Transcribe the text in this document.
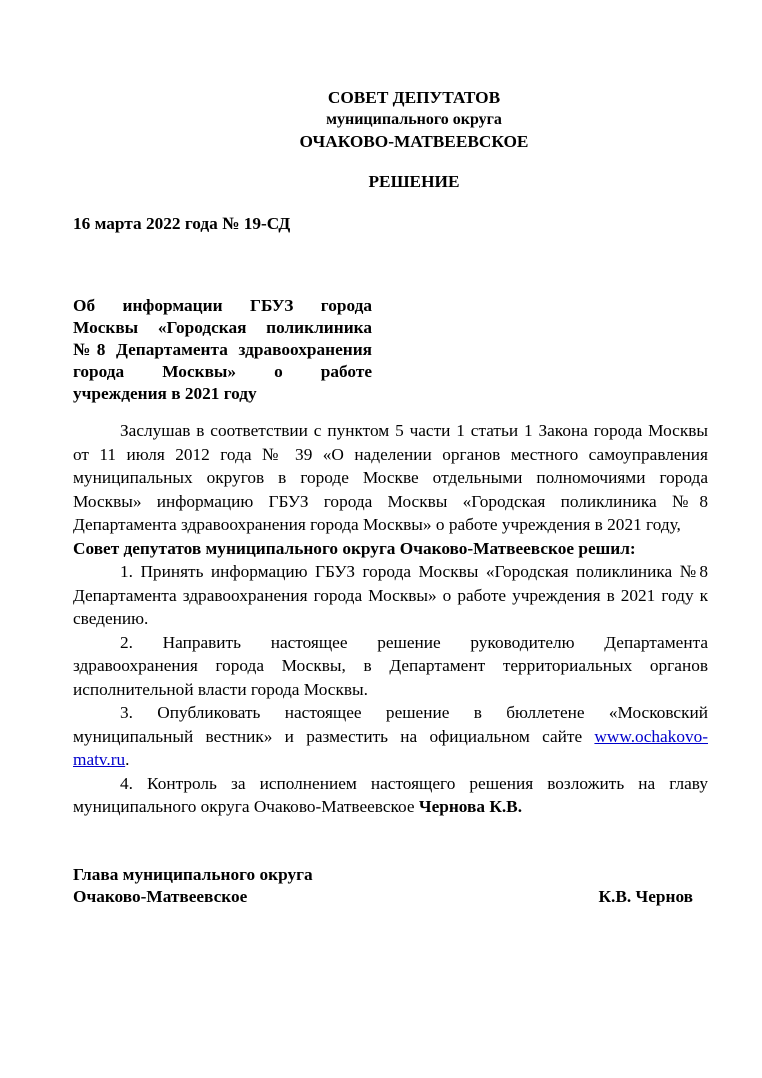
СОВЕТ ДЕПУТАТОВ
муниципального округа
ОЧАКОВО-МАТВЕЕВСКОЕ
РЕШЕНИЕ
16 марта 2022 года № 19-СД
Об информации ГБУЗ города
Москвы «Городская поликлиника
№8 Департамента здравоохранения
города Москвы» о работе
учреждения в 2021 году

Заслушав в соответствии с пунктом 5 части 1 статьи 1 Закона города Москвы от 11 июля 2012 года № 39 «О наделении органов местного самоуправления муниципальных округов в городе Москве отдельными полномочиями города Москвы» информацию ГБУЗ города Москвы «Городская поликлиника №8 Департамента здравоохранения города Москвы» о работе учреждения в 2021 году,

Совет депутатов муниципального округа Очаково-Матвеевское решил:

1. Принять информацию ГБУЗ города Москвы «Городская поликлиника №8 Департамента здравоохранения города Москвы» о работе учреждения в 2021 году к сведению.

2. Направить настоящее решение руководителю Департамента здравоохранения города Москвы, в Департамент территориальных органов исполнительной власти города Москвы.

3. Опубликовать настоящее решение в бюллетене «Московский муниципальный вестник» и разместить на официальном сайте www.ochakovo-matv.ru.

4. Контроль за исполнением настоящего решения возложить на главу муниципального округа Очаково-Матвеевское Чернова К.В.

Глава муниципального округа
Очаково-Матвеевское	К.В. Чернов
